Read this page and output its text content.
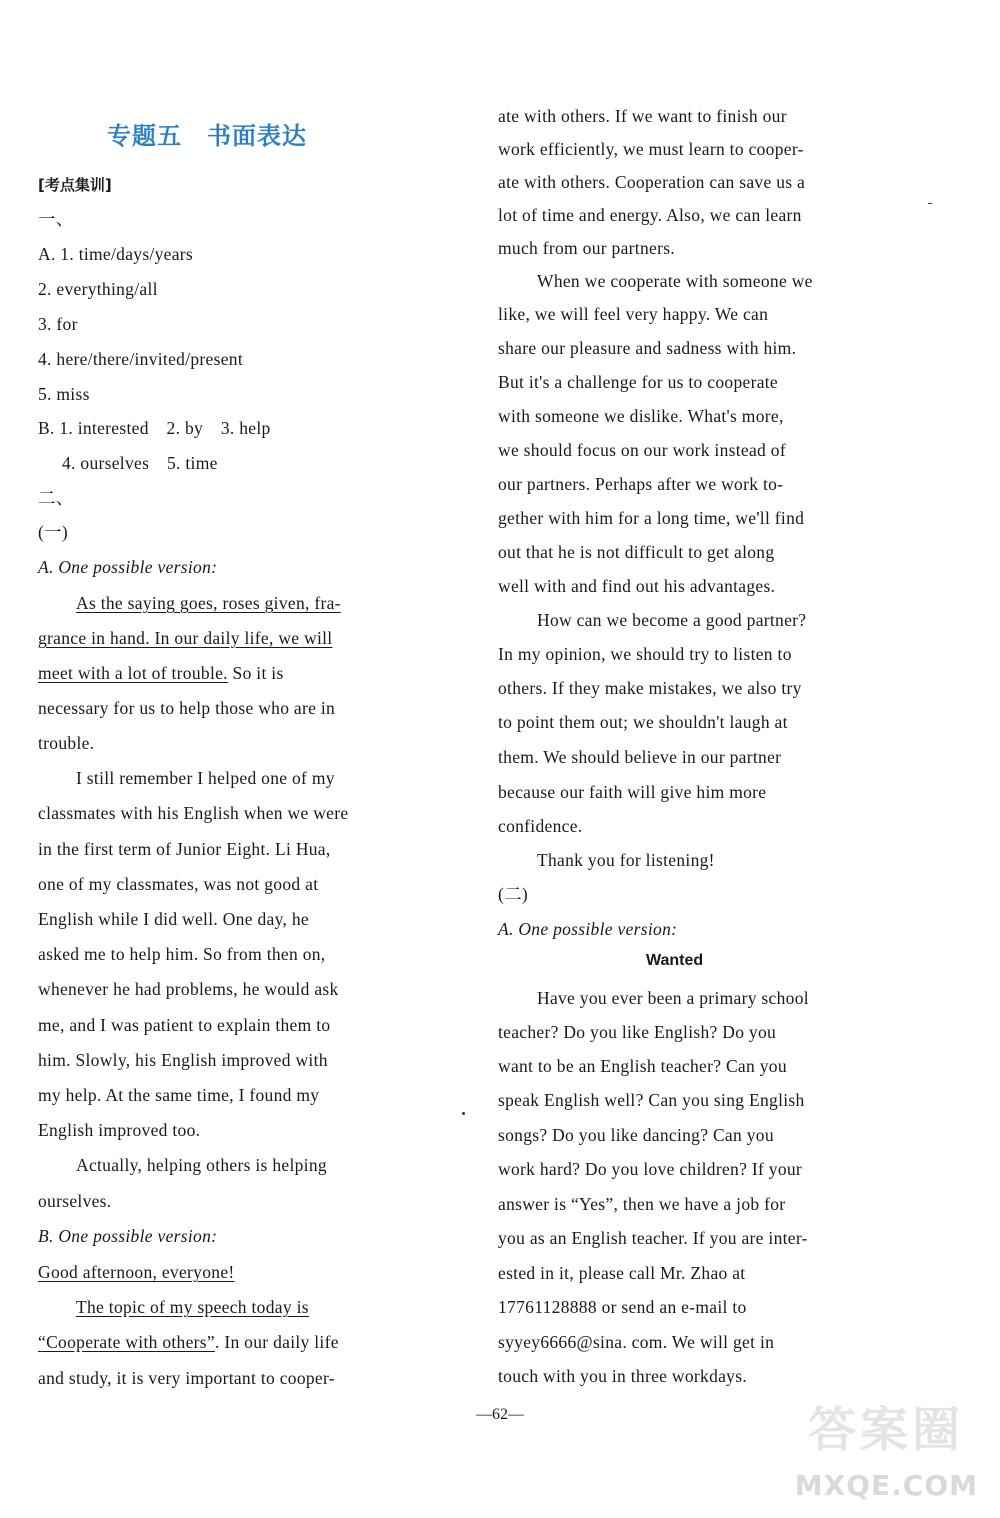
专题五　书面表达
[考点集训]
一、
A. 1. time/days/years
2. everything/all
3. for
4. here/there/invited/present
5. miss
B. 1. interested　2. by　3. help
4. ourselves　5. time
二、
(一)
A. One possible version:
As the saying goes, roses given, fra-
grance in hand. In our daily life, we will
meet with a lot of trouble. So it is
necessary for us to help those who are in
trouble.
I still remember I helped one of my
classmates with his English when we were
in the first term of Junior Eight. Li Hua,
one of my classmates, was not good at
English while I did well. One day, he
asked me to help him. So from then on,
whenever he had problems, he would ask
me, and I was patient to explain them to
him. Slowly, his English improved with
my help. At the same time, I found my
English improved too.
Actually, helping others is helping
ourselves.
B. One possible version:
Good afternoon, everyone!
The topic of my speech today is
“Cooperate with others”. In our daily life
and study, it is very important to cooper-
ate with others. If we want to finish our
work efficiently, we must learn to cooper-
ate with others. Cooperation can save us a
lot of time and energy. Also, we can learn
much from our partners.
When we cooperate with someone we
like, we will feel very happy. We can
share our pleasure and sadness with him.
But it's a challenge for us to cooperate
with someone we dislike. What's more,
we should focus on our work instead of
our partners. Perhaps after we work to-
gether with him for a long time, we'll find
out that he is not difficult to get along
well with and find out his advantages.
How can we become a good partner?
In my opinion, we should try to listen to
others. If they make mistakes, we also try
to point them out; we shouldn't laugh at
them. We should believe in our partner
because our faith will give him more
confidence.
Thank you for listening!
(二)
A. One possible version:
Have you ever been a primary school
teacher? Do you like English? Do you
want to be an English teacher? Can you
speak English well? Can you sing English
songs? Do you like dancing? Can you
work hard? Do you love children? If your
answer is “Yes”, then we have a job for
you as an English teacher. If you are inter-
ested in it, please call Mr. Zhao at
17761128888 or send an e-mail to
syyey6666@sina. com. We will get in
touch with you in three workdays.
Wanted
—62—	答案圈
MXQE.COM
